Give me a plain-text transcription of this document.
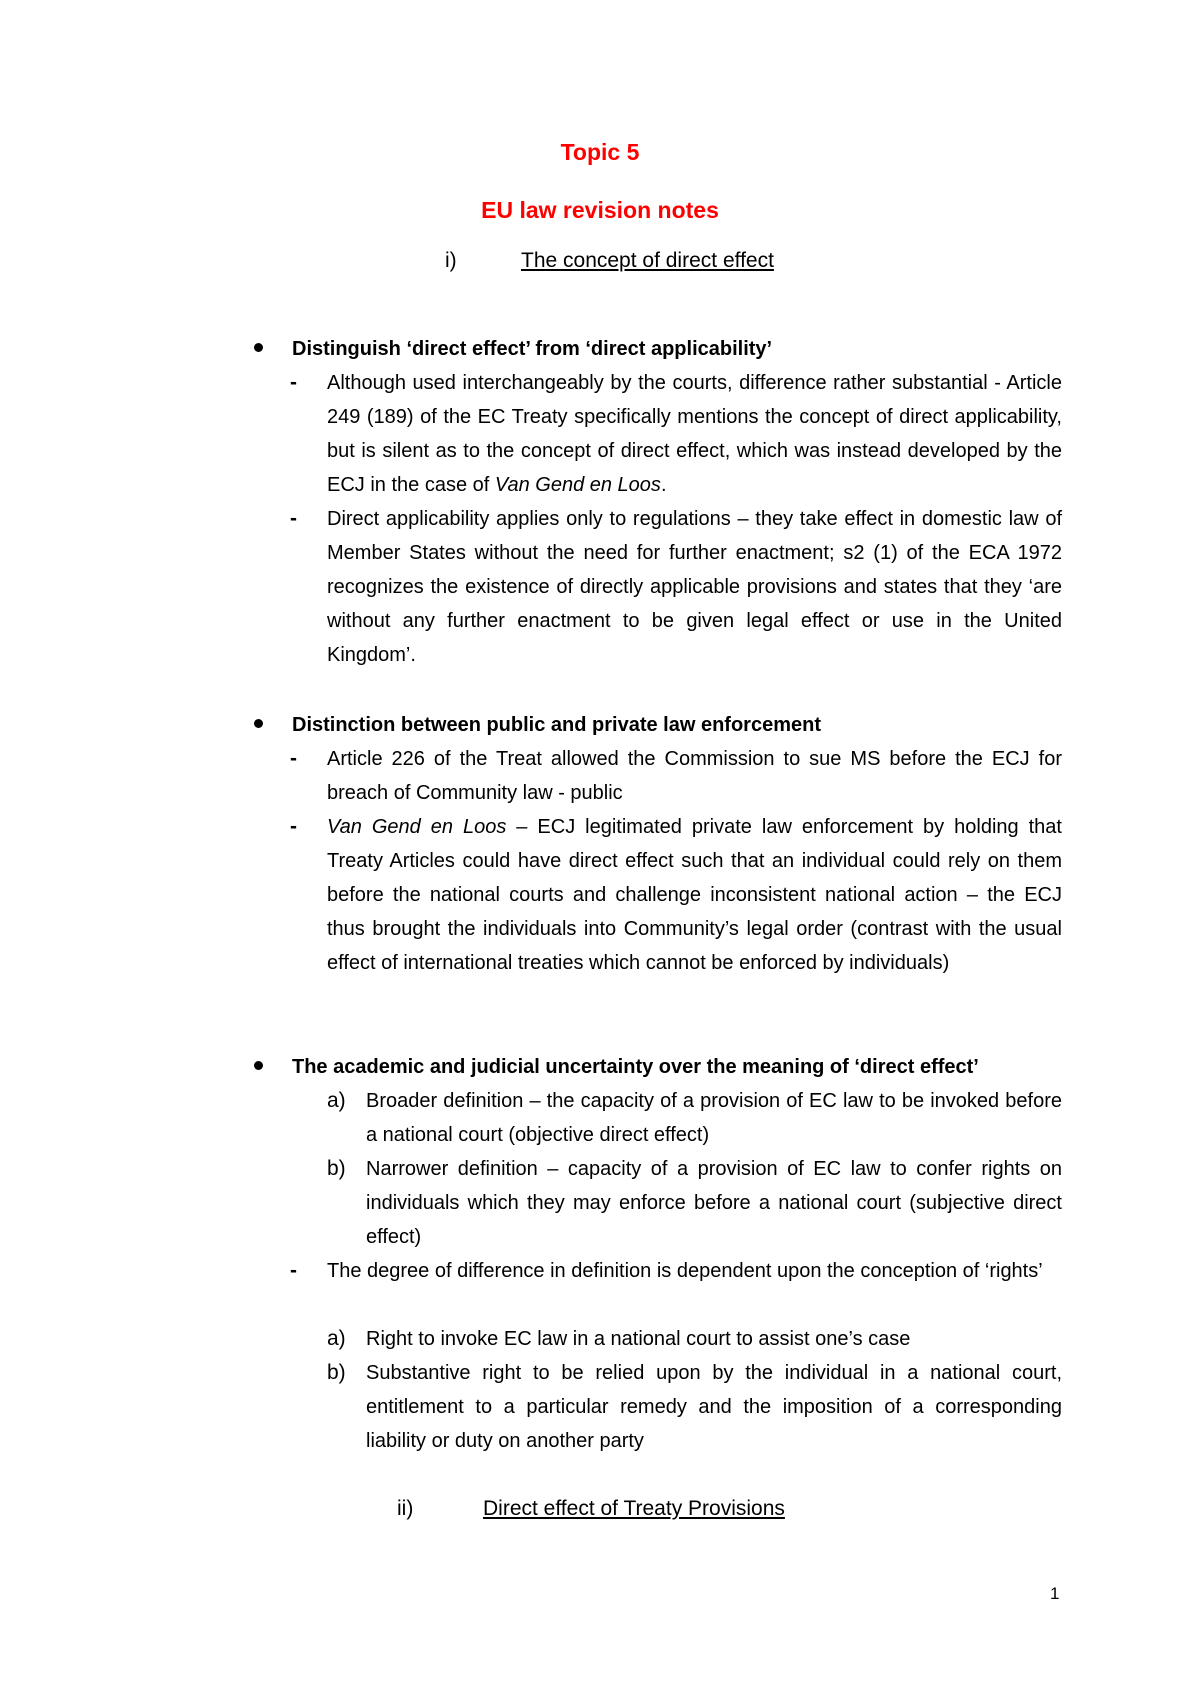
Topic 5
EU law revision notes
i)	The concept of direct effect
Distinguish ‘direct effect’ from ‘direct applicability’
- Although used interchangeably by the courts, difference rather substantial - Article 249 (189) of the EC Treaty specifically mentions the concept of direct applicability, but is silent as to the concept of direct effect, which was instead developed by the ECJ in the case of Van Gend en Loos.
- Direct applicability applies only to regulations – they take effect in domestic law of Member States without the need for further enactment; s2 (1) of the ECA 1972 recognizes the existence of directly applicable provisions and states that they ‘are without any further enactment to be given legal effect or use in the United Kingdom’.
Distinction between public and private law enforcement
- Article 226 of the Treat allowed the Commission to sue MS before the ECJ for breach of Community law - public
- Van Gend en Loos – ECJ legitimated private law enforcement by holding that Treaty Articles could have direct effect such that an individual could rely on them before the national courts and challenge inconsistent national action – the ECJ thus brought the individuals into Community’s legal order (contrast with the usual effect of international treaties which cannot be enforced by individuals)
The academic and judicial uncertainty over the meaning of ‘direct effect’
a) Broader definition – the capacity of a provision of EC law to be invoked before a national court (objective direct effect)
b) Narrower definition – capacity of a provision of EC law to confer rights on individuals which they may enforce before a national court (subjective direct effect)
- The degree of difference in definition is dependent upon the conception of ‘rights’
a) Right to invoke EC law in a national court to assist one’s case
b) Substantive right to be relied upon by the individual in a national court, entitlement to a particular remedy and the imposition of a corresponding liability or duty on another party
ii)	Direct effect of Treaty Provisions
1
